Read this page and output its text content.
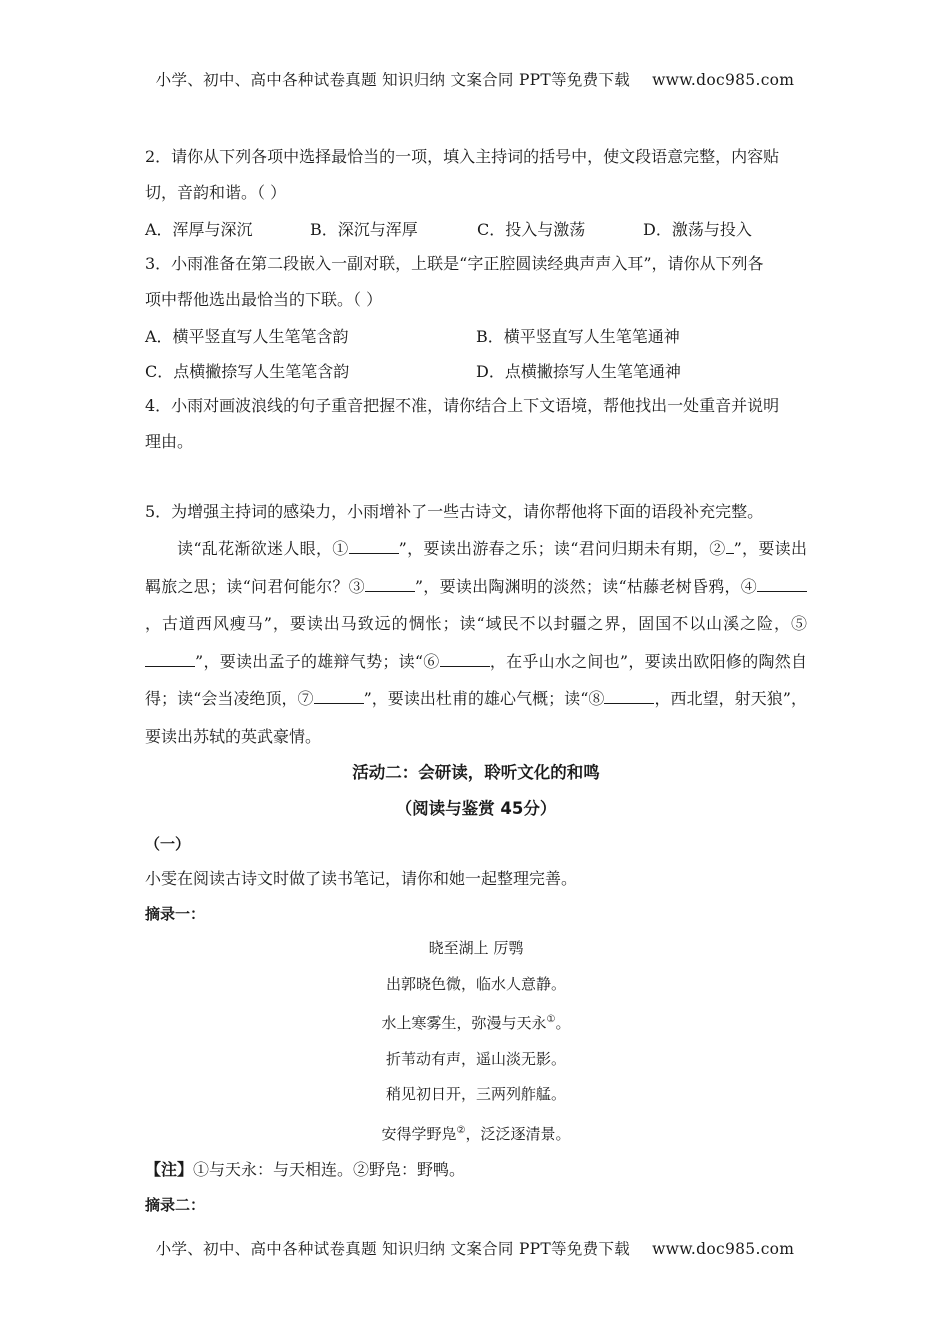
小学、初中、高中各种试卷真题 知识归纳 文案合同 PPT等免费下载 www.doc985.com

2．请你从下列各项中选择最恰当的一项，填入主持词的括号中，使文段语意完整，内容贴

切，音韵和谐。（ ）

A．浑厚与深沉	B．深沉与浑厚	C．投入与激荡	D．激荡与投入

3．小雨准备在第二段嵌入一副对联，上联是“字正腔圆读经典声声入耳”，请你从下列各

项中帮他选出最恰当的下联。（ ）

A．横平竖直写人生笔笔含韵	B．横平竖直写人生笔笔通神
C．点横撇捺写人生笔笔含韵	D．点横撇捺写人生笔笔通神

4．小雨对画波浪线的句子重音把握不准，请你结合上下文语境，帮他找出一处重音并说明

理由。

5．为增强主持词的感染力，小雨增补了一些古诗文，请你帮他将下面的语段补充完整。

读“乱花渐欲迷人眼，①	”，要读出游春之乐；读“君问归期未有期，② ”，要读出羁旅之思；读“问君何能尔？③	”，要读出陶渊明的淡然；读“枯藤老树昏鸦，④，古道西风瘦马”，要读出马致远的惆怅；读“域民不以封疆之界，固国不以山溪之险，⑤”，要读出孟子的雄辩气势；读“⑥	，在乎山水之间也”，要读出欧阳修的陶然自得；读“会当凌绝顶，⑦	”，要读出杜甫的雄心气概；读“⑧	，西北望，射天狼”，要读出苏轼的英武豪情。

活动二：会研读，聆听文化的和鸣

（阅读与鉴赏 45分）

（一）

小雯在阅读古诗文时做了读书笔记，请你和她一起整理完善。

摘录一：

晓至湖上 厉鹗

出郭晓色微，临水人意静。

水上寒雾生，弥漫与天永①。

折苇动有声，遥山淡无影。

稍见初日开，三两列舴艋。

安得学野凫②，泛泛逐清景。

【注】①与天永：与天相连。②野凫：野鸭。

摘录二：

小学、初中、高中各种试卷真题 知识归纳 文案合同 PPT等免费下载 www.doc985.com
